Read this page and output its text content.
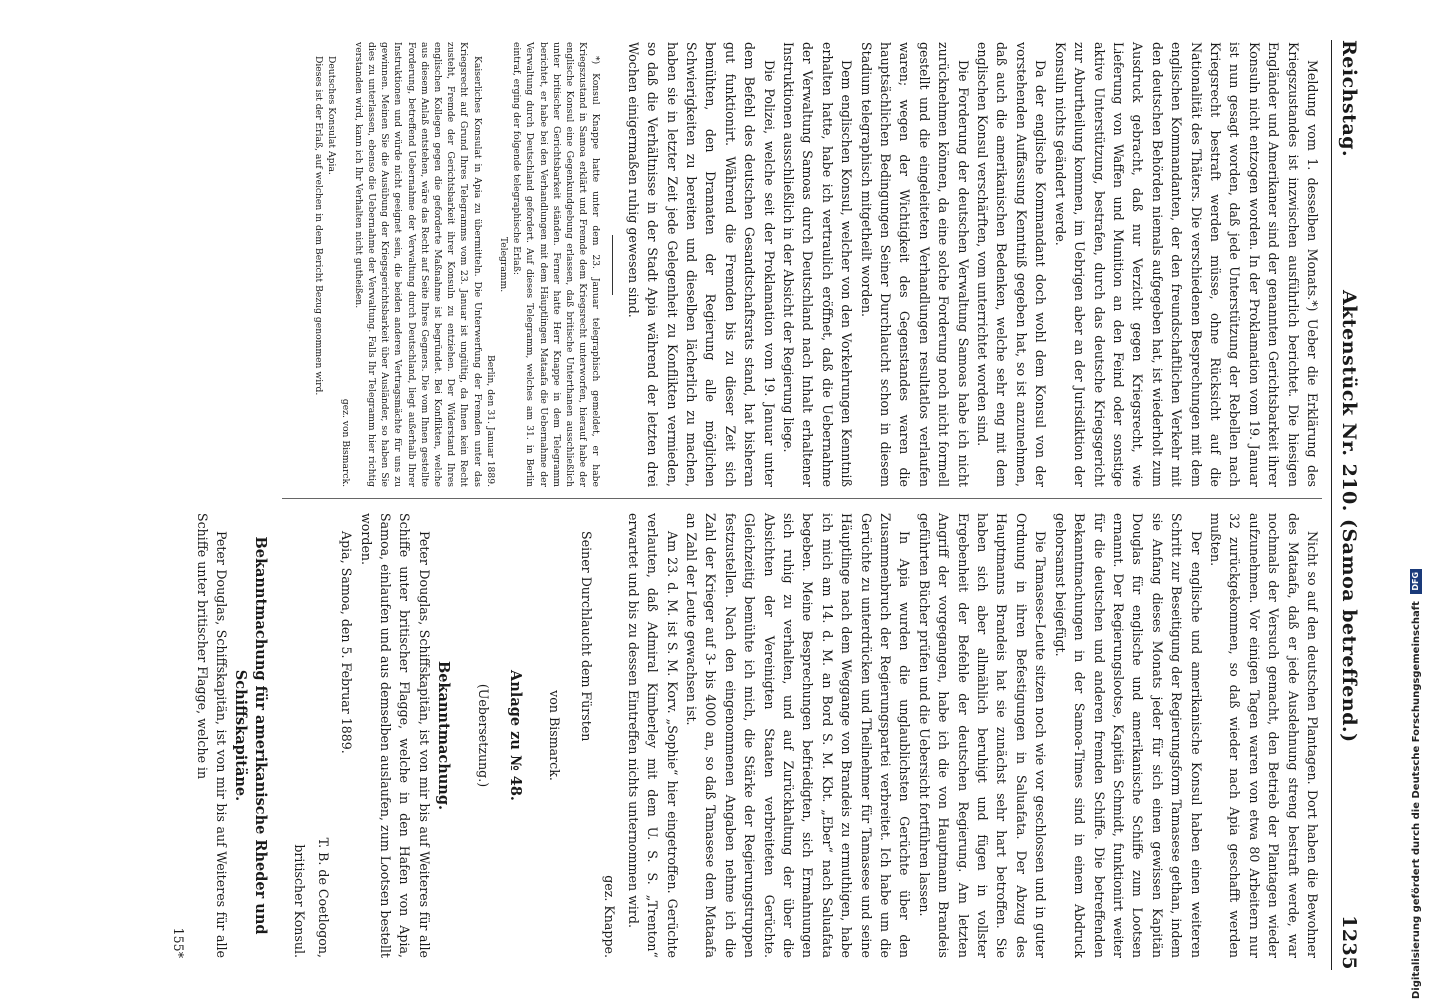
Reichstag.
Aktenstück Nr. 210. (Samoa betreffend.)
1235

Meldung vom 1. desselben Monats.*) Ueber die Erklärung des Kriegszustandes ist inzwischen ausführlich berichtet. Die hiesigen Engländer und Amerikaner sind der genannten Gerichtsbarkeit ihrer Konsuln nicht entzogen worden. In der Proklamation vom 19. Januar ist nun gesagt worden, daß jede Unterstützung der Rebellen nach Kriegsrecht bestraft werden müsse, ohne Rücksicht auf die Nationalität des Thäters. Die verschiedenen Besprechungen mit dem englischen Kommandanten, der den freundschaftlichen Verkehr mit den deutschen Behörden niemals aufgegeben hat, ist wiederholt zum Ausdruck gebracht, daß nur Verzicht gegen Kriegsrecht, wie Lieferung von Waffen und Munition an den Feind oder sonstige aktive Unterstützung, bestrafen, durch das deutsche Kriegsgericht zur Aburtheilung kommen, im Uebrigen aber an der Jurisdiktion der Konsuln nichts geändert werde.

Da der englische Kommandant doch wohl dem Konsul von der vorstehenden Auffassung Kenntniß gegeben hat, so ist anzunehmen, daß auch die amerikanischen Bedenken, welche sehr eng mit dem englischen Konsul verschärften, vom unterrichtet worden sind.

Die Forderung der deutschen Verwaltung Samoas habe ich nicht zurücknehmen können, da eine solche Forderung noch nicht formell gestellt und die eingeleiteten Verhandlungen resultatlos verlaufen waren; wegen der Wichtigkeit des Gegenstandes waren die hauptsächlichen Bedingungen Seiner Durchlaucht schon in diesem Stadium telegraphisch mitgetheilt worden.

Dem englischen Konsul, welcher von den Vorkehrungen Kenntniß erhalten hatte, habe ich vertraulich eröffnet, daß die Uebernahme der Verwaltung Samoas durch Deutschland nach Inhalt erhaltener Instruktionen ausschließlich in der Absicht der Regierung liege.

Die Polizei, welche seit der Proklamation vom 19. Januar unter dem Befehl des deutschen Gesandtschaftsrats stand, hat bisheran gut funktionirt. Während die Fremden bis zu dieser Zeit sich bemühten, den Dramaten der Regierung alle möglichen Schwierigkeiten zu bereiten und dieselben lächerlich zu machen, haben sie in letzter Zeit jede Gelegenheit zu Konflikten vermieden, so daß die Verhältnisse in der Stadt Apia während der letzten drei Wochen einigermaßen ruhig gewesen sind.

*) Konsul Knappe hatte unter dem 23. Januar telegraphisch gemeldet, er habe Kriegszustand in Samoa erklärt und Fremde dem Kriegsrecht unterworfen, hierauf habe der englische Konsul eine Gegenkundgebung erlassen, daß britische Unterthanen ausschließlich unter britischer Gerichtsbarkeit ständen. Ferner hatte Herr Knappe in dem Telegramm berichtet, er habe bei den Verhandlungen mit dem Häuptlingen Mataafa die Uebernahme der Verwaltung durch Deutschland gefordert. Auf dieses Telegramm, welches am 31. in Berlin eintraf, erging der folgende telegraphische Erlaß:

Telegramm.

Berlin, den 31. Januar 1889.

Kaiserliches Konsulat in Apia zu übermitteln. Die Unterwerfung der Fremden unter das Kriegsrecht auf Grund Ihres Telegramms vom 23. Januar ist ungültig, da Ihnen kein Recht zusteht, Fremde der Gerichtsbarkeit ihrer Konsuln zu entziehen. Der Widerstand Ihres englischen Kollegen gegen die geforderte Maßnahme ist begründet. Bei Konflikten, welche aus diesem Anlaß entstehen, wäre das Recht auf Seite Ihres Gegners. Die vom Ihnen gestellte Forderung, betreffend Uebernahme der Verwaltung durch Deutschland, liegt außerhalb Ihrer Instruktionen und würde nicht geeignet sein, die beiden anderen Vertragsmächte für uns zu gewinnen. Meinen Sie die Ausübung der Kriegsgerichtsbarkeit über Ausländer, so haben Sie dies zu unterlassen, ebenso die Uebernahme der Verwaltung. Falls Ihr Telegramm hier richtig verstanden wird, kann ich Ihr Verhalten nicht gutheißen.

gez. von Bismarck.

Deutsches Konsulat Apia.

Dieses ist der Erlaß, auf welchen in dem Bericht Bezug genommen wird.

Nicht so auf den deutschen Plantagen. Dort haben die Bewohner des Mataafa, daß er jede Ausdehnung streng bestraft werde, war nochmals der Versuch gemacht, den Betrieb der Plantagen wieder aufzunehmen. Vor einigen Tagen waren von etwa 80 Arbeitern nur 32 zurückgekommen, so daß wieder nach Apia geschafft werden mußten.

Der englische und amerikanische Konsul haben einen weiteren Schritt zur Beseitigung der Regierungsform Tamasese gethan, indem sie Anfang dieses Monats jeder für sich einen gewissen Kapitän Douglas für englische und amerikanische Schiffe zum Lootsen ernannt. Der Regierungslootse, Kapitän Schmidt, funktionirt weiter für die deutschen und anderen fremden Schiffe. Die betreffenden Bekanntmachungen in der Samoa-Times sind in einem Abdruck gehorsamst beigefügt.

Die Tamasese-Leute sitzen noch wie vor geschlossen und in guter Ordnung in ihren Befestigungen in Saluafata. Der Abzug des Hauptmanns Brandeis hat sie zunächst sehr hart betroffen. Sie haben sich aber allmählich beruhigt und fügen in vollster Ergebenheit der Befehle der deutschen Regierung. Am letzten Angriff der vorgegangen, habe ich die von Hauptmann Brandeis geführten Bücher prüfen und die Uebersicht fortführen lassen.

In Apia wurden die unglaublichsten Gerüchte über den Zusammenbruch der Regierungspartei verbreitet. Ich habe um die Gerüchte zu unterdrücken und Theilnehmer für Tamasese und seine Häuptlinge nach dem Weggange von Brandeis zu ermuthigen, habe ich mich am 14. d. M. an Bord S. M. Kbt. „Eber“ nach Saluafata begeben. Meine Besprechungen befriedigten, sich Ermahnungen sich ruhig zu verhalten, und auf Zurückhaltung der über die Absichten der Vereinigten Staaten verbreiteten Gerüchte. Gleichzeitig bemühte ich mich, die Stärke der Regierungstruppen festzustellen. Nach den eingenommenen Angaben nehme ich die Zahl der Krieger auf 3- bis 4000 an, so daß Tamasese dem Mataafa an Zahl der Leute gewachsen ist.

Am 23. d. M. ist S. M. Korv. „Sophie“ hier eingetroffen. Gerüchte verlauten, daß Admiral Kimberley mit dem U. S. S. „Trenton“ erwartet und bis zu dessen Eintreffen nichts unternommen wird.

gez. Knappe.

Seiner Durchlaucht dem Fürsten

von Bismarck.

Anlage zu № 48.

(Uebersetzung.)

Bekanntmachung.

Peter Douglas, Schiffskapitän, ist von mir bis auf Weiteres für alle Schiffe unter britischer Flagge, welche in den Hafen von Apia, Samoa, einlaufen und aus demselben auslaufen, zum Lootsen bestellt worden.

Apia, Samoa, den 5. Februar 1889.

T. B. de Coetlogon,

britischer Konsul.

Bekanntmachung für amerikanische Rheder und Schiffskapitäne.

Peter Douglas, Schiffskapitän, ist von mir bis auf Weiteres für alle Schiffe unter britischer Flagge, welche in

155*	Digitalisierung gefördert durch die Deutsche Forschungsgemeinschaft DFG
